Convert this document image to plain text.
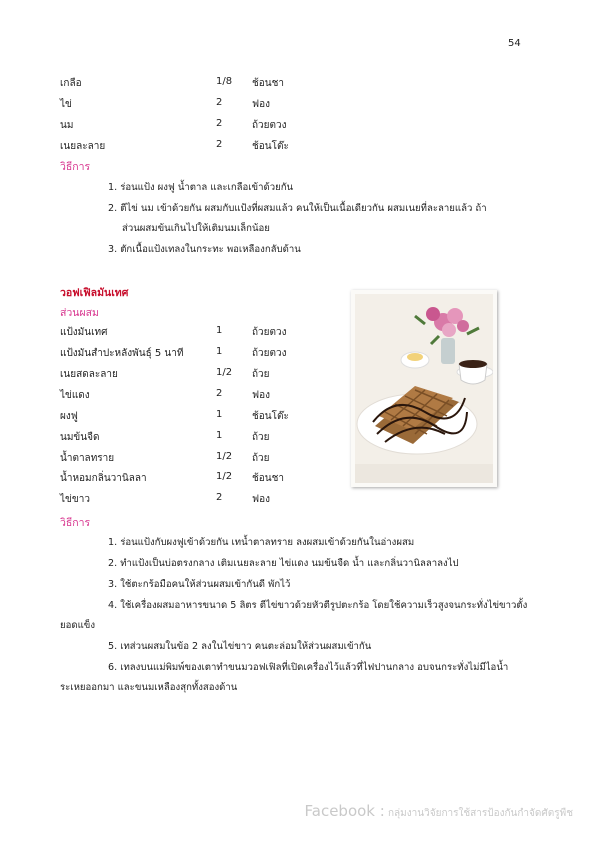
54
เกลือ	1/8 ช้อนชา
ไข่	2	ฟอง
นม	2	ถ้วยตวง
เนยละลาย	2	ช้อนโต๊ะ
วิธีการ
1. ร่อนแป้ง ผงฟู น้ำตาล และเกลือเข้าด้วยกัน
2. ตีไข่ นม เข้าด้วยกัน ผสมกับแป้งที่ผสมแล้ว คนให้เป็นเนื้อเดียวกัน ผสมเนยที่ละลายแล้ว ถ้า
ส่วนผสมข้นเกินไปให้เติมนมเล็กน้อย
3. ตักเนื้อแป้งเทลงในกระทะ พอเหลืองกลับด้าน
วอฟเฟิลมันเทศ
ส่วนผสม
แป้งมันเทศ	1	ถ้วยตวง
แป้งมันสำปะหลังพันธุ์ 5 นาที	1	ถ้วยตวง
เนยสดละลาย	1/2 ถ้วย
ไข่แดง	2	ฟอง
ผงฟู	1	ช้อนโต๊ะ
นมข้นจืด	1	ถ้วย
น้ำตาลทราย	1/2 ถ้วย
น้ำหอมกลิ่นวานิลลา	1/2 ช้อนชา
ไข่ขาว	2	ฟอง
วิธีการ
1. ร่อนแป้งกับผงฟูเข้าด้วยกัน เทน้ำตาลทราย ลงผสมเข้าด้วยกันในอ่างผสม
2. ทำแป้งเป็นบ่อตรงกลาง เติมเนยละลาย ไข่แดง นมข้นจืด น้ำ และกลิ่นวานิลลาลงไป
3. ใช้ตะกร้อมือคนให้ส่วนผสมเข้ากันดี พักไว้
4. ใช้เครื่องผสมอาหารขนาด 5 ลิตร ตีไข่ขาวด้วยหัวตีรูปตะกร้อ โดยใช้ความเร็วสูงจนกระทั่งไข่ขาวตั้ง
ยอดแข็ง
5. เทส่วนผสมในข้อ 2 ลงในไข่ขาว คนตะล่อมให้ส่วนผสมเข้ากัน
6. เทลงบนแม่พิมพ์ของเตาทำขนมวอฟเฟิลที่เปิดเครื่องไว้แล้วที่ไฟปานกลาง อบจนกระทั่งไม่มีไอน้ำ
ระเหยออกมา และขนมเหลืองสุกทั้งสองด้าน
Facebook : กลุ่มงานวิจัยการใช้สารป้องกันกำจัดศัตรูพืช
